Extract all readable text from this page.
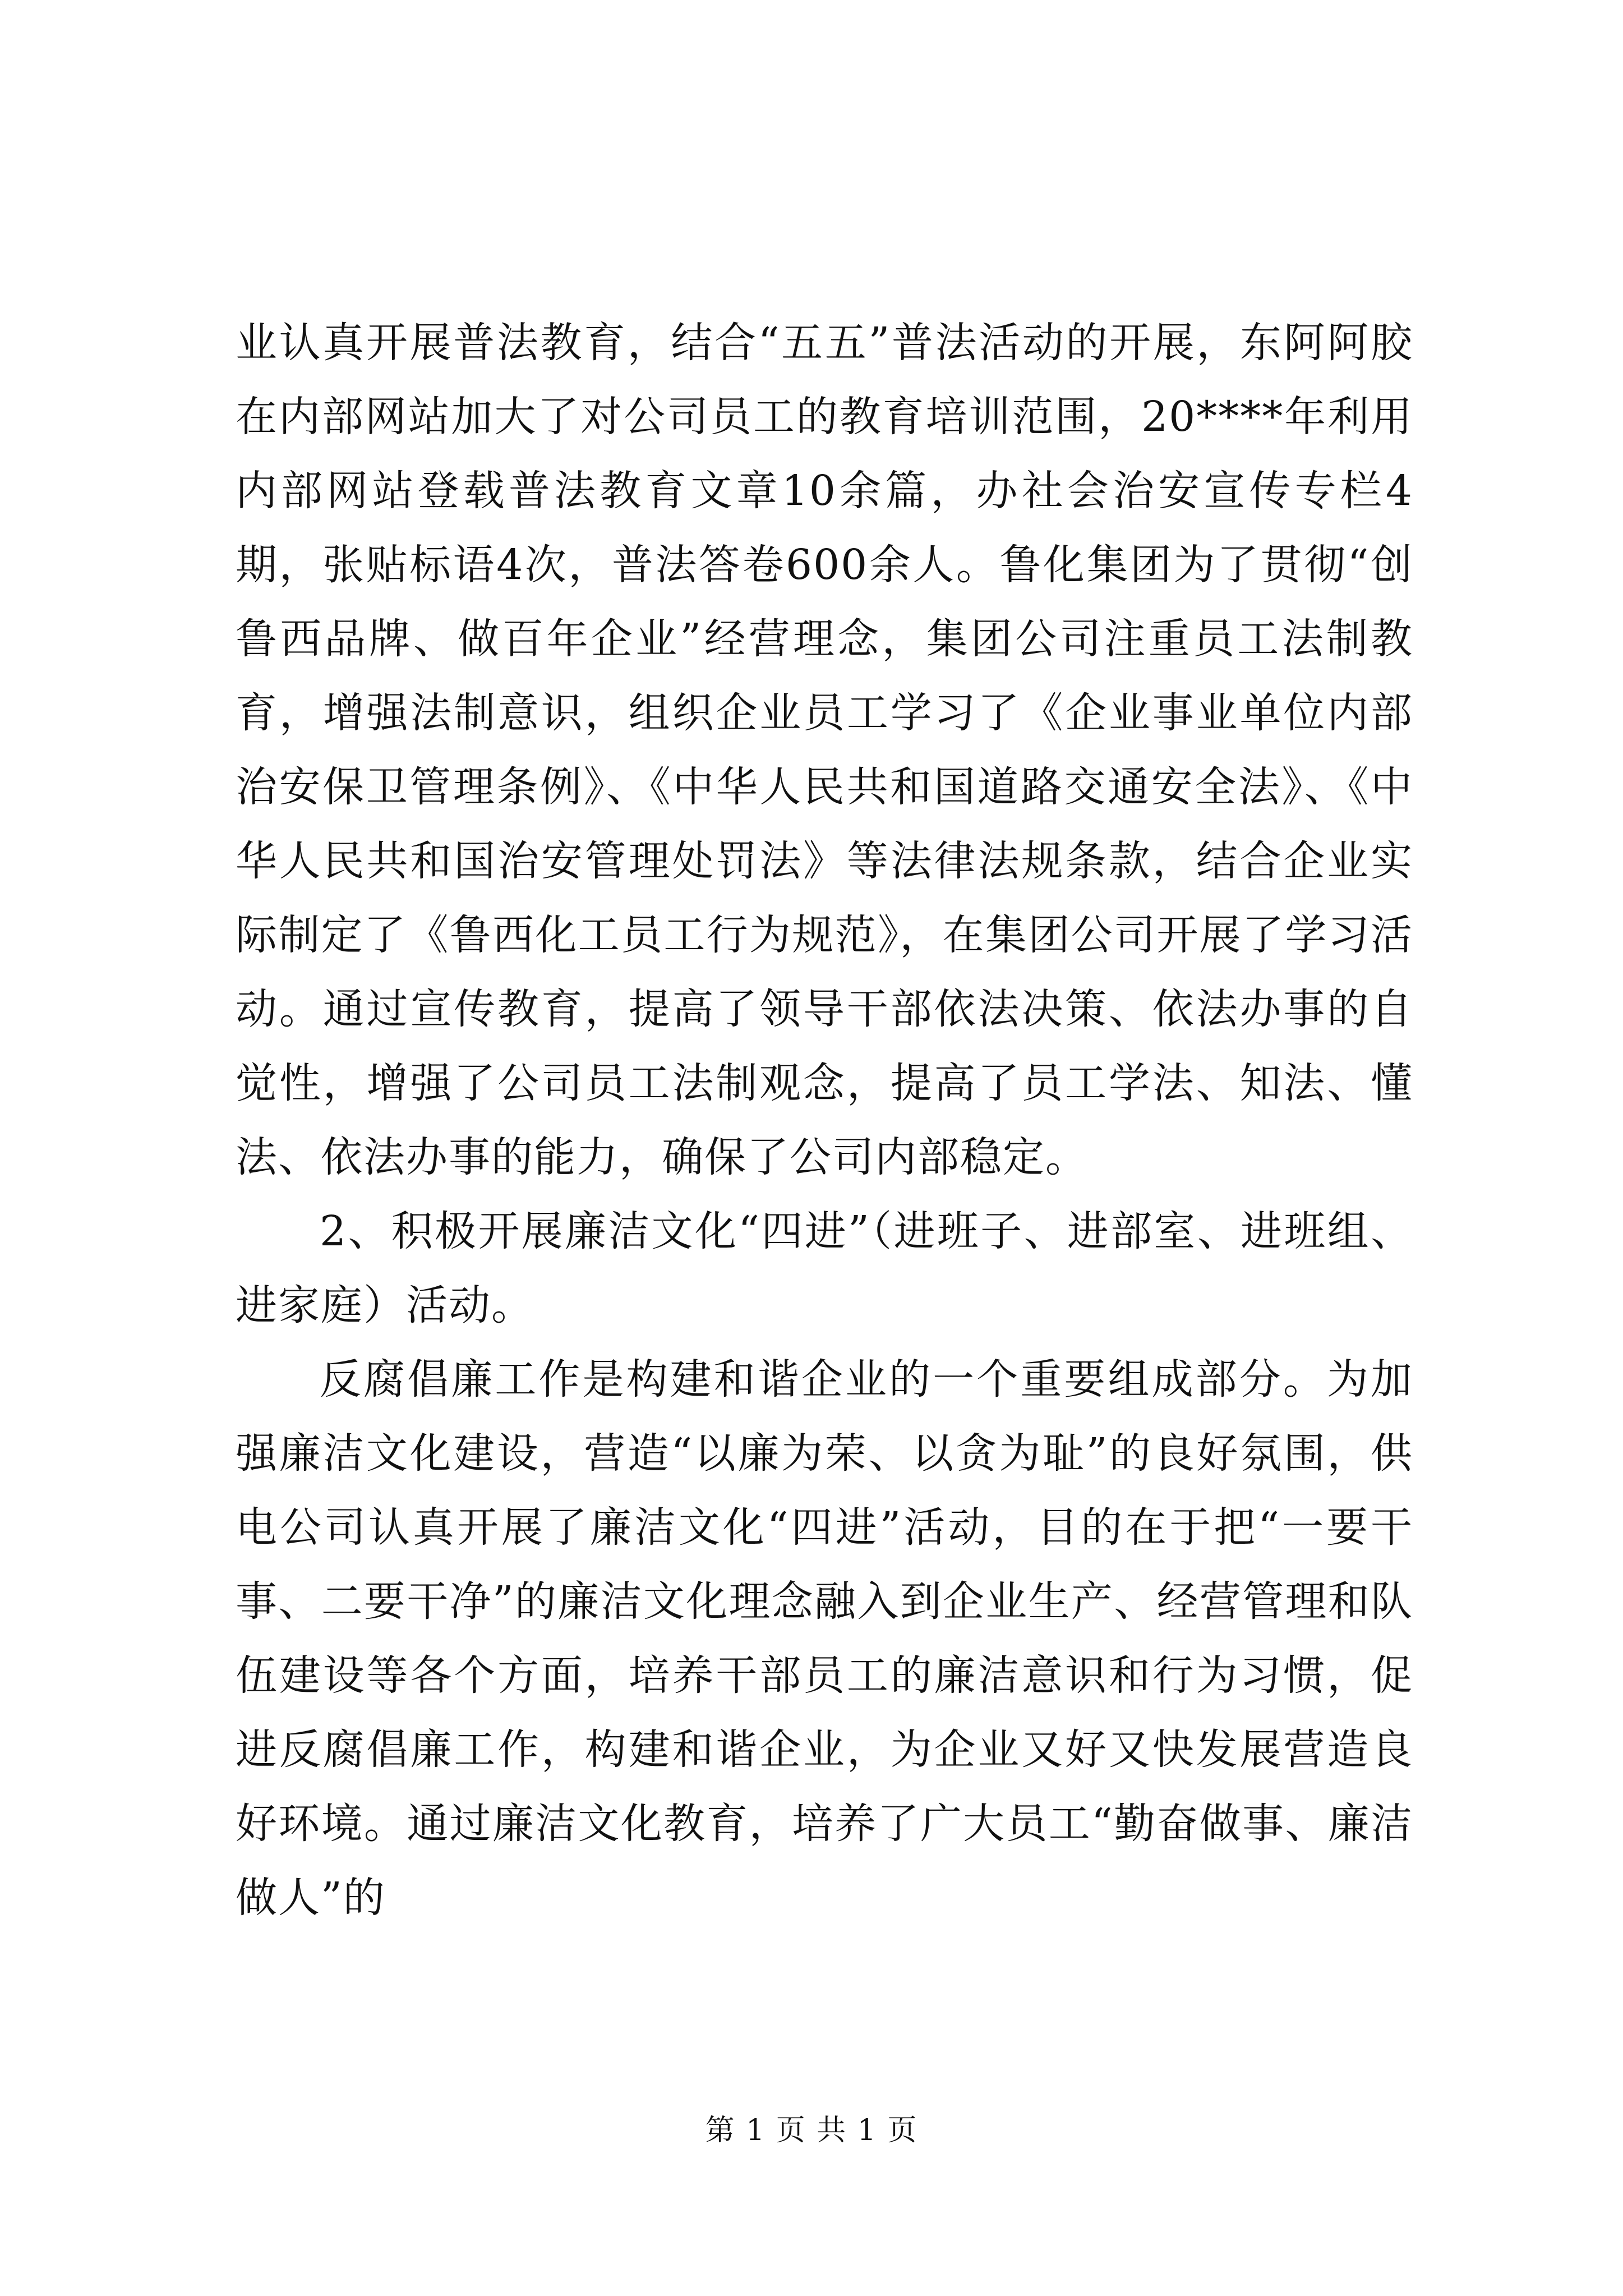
业认真开展普法教育，结合“五五”普法活动的开展，东阿阿胶在内部网站加大了对公司员工的教育培训范围，20****年利用内部网站登载普法教育文章10余篇，办社会治安宣传专栏4期，张贴标语4次，普法答卷600余人。鲁化集团为了贯彻“创鲁西品牌、做百年企业”经营理念，集团公司注重员工法制教育，增强法制意识，组织企业员工学习了《企业事业单位内部治安保卫管理条例》、《中华人民共和国道路交通安全法》、《中华人民共和国治安管理处罚法》等法律法规条款，结合企业实际制定了《鲁西化工员工行为规范》，在集团公司开展了学习活动。通过宣传教育，提高了领导干部依法决策、依法办事的自觉性，增强了公司员工法制观念，提高了员工学法、知法、懂法、依法办事的能力，确保了公司内部稳定。

2、积极开展廉洁文化“四进”（进班子、进部室、进班组、进家庭）活动。

反腐倡廉工作是构建和谐企业的一个重要组成部分。为加强廉洁文化建设，营造“以廉为荣、以贪为耻”的良好氛围，供电公司认真开展了廉洁文化“四进”活动，目的在于把“一要干事、二要干净”的廉洁文化理念融入到企业生产、经营管理和队伍建设等各个方面，培养干部员工的廉洁意识和行为习惯，促进反腐倡廉工作，构建和谐企业，为企业又好又快发展营造良好环境。通过廉洁文化教育，培养了广大员工“勤奋做事、廉洁做人”的

第 1 页 共 1 页
